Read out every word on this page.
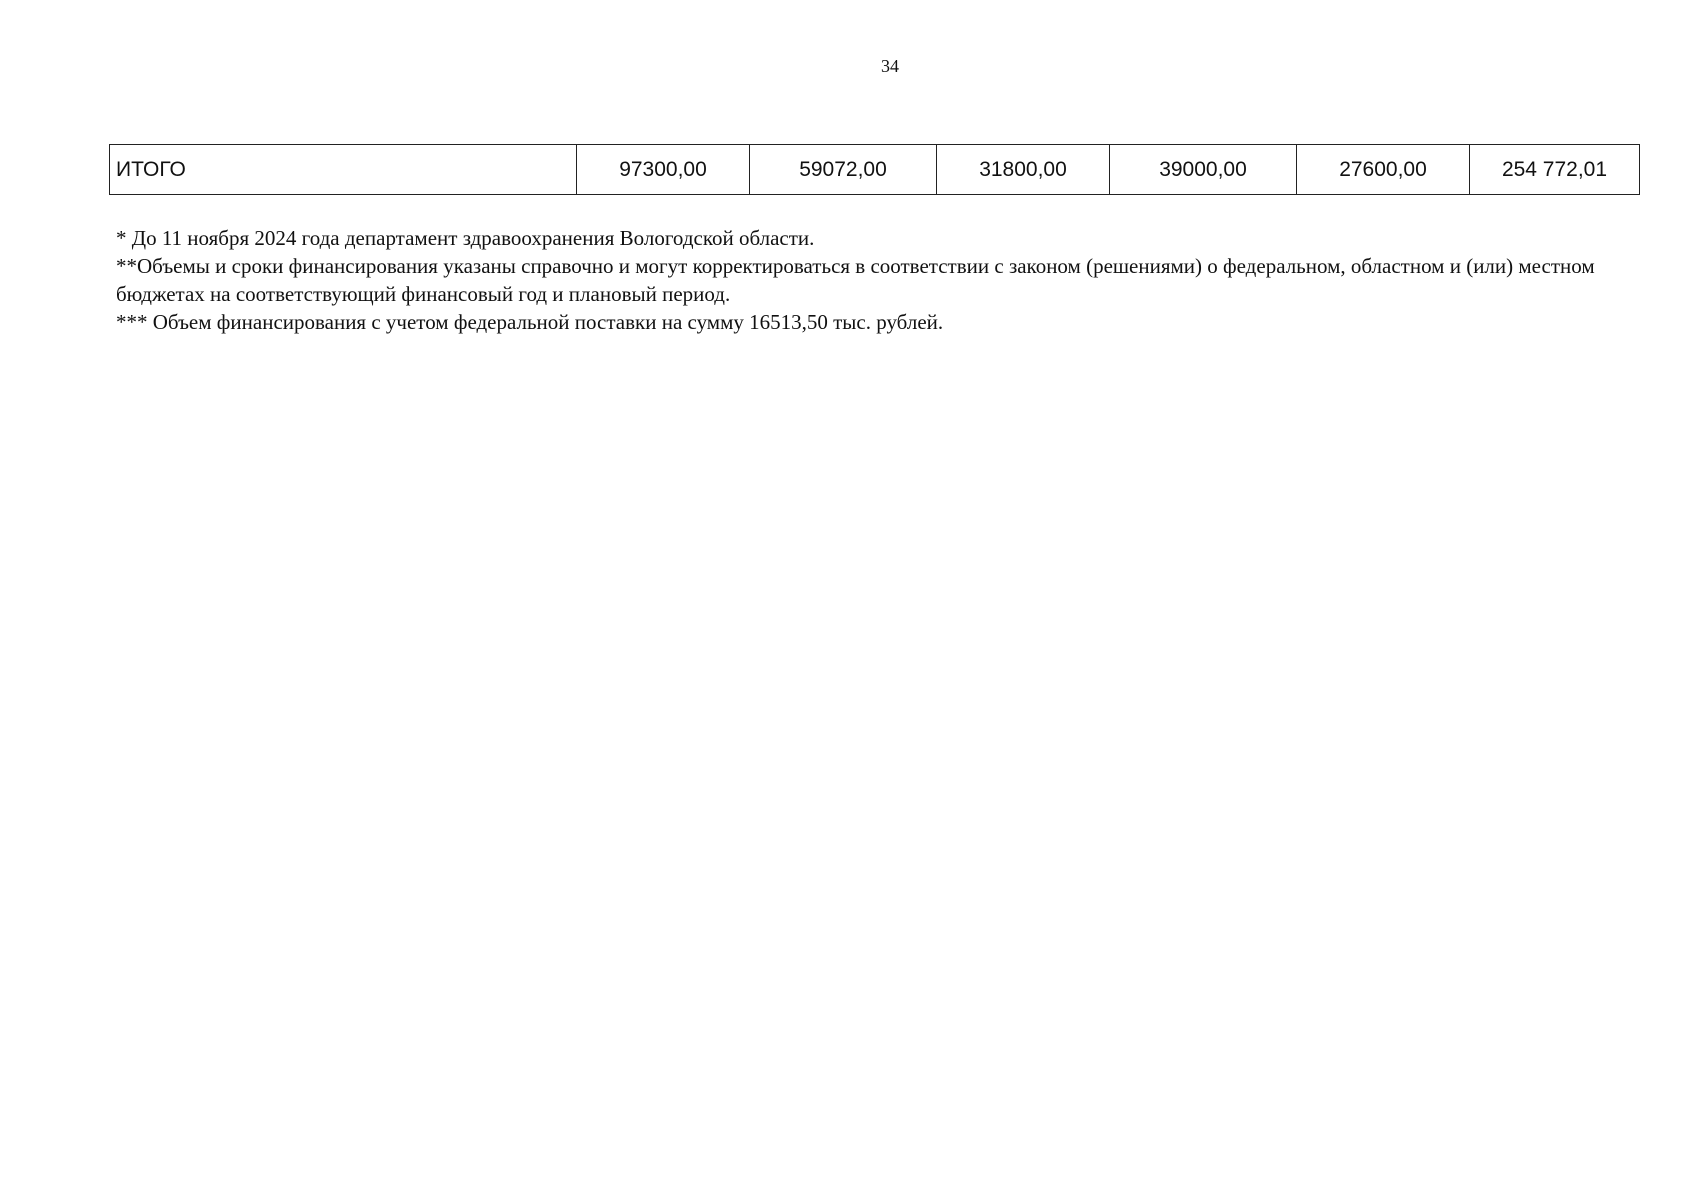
34
ИТОГО	97300,00	59072,00	31800,00	39000,00	27600,00	254 772,01

* До 11 ноября 2024 года департамент здравоохранения Вологодской области.

**Объемы и сроки финансирования указаны справочно и могут корректироваться в соответствии с законом (решениями) о федеральном, областном и (или) местном бюджетах на соответствующий финансовый год и плановый период.

*** Объем финансирования с учетом федеральной поставки на сумму 16513,50 тыс. рублей.
